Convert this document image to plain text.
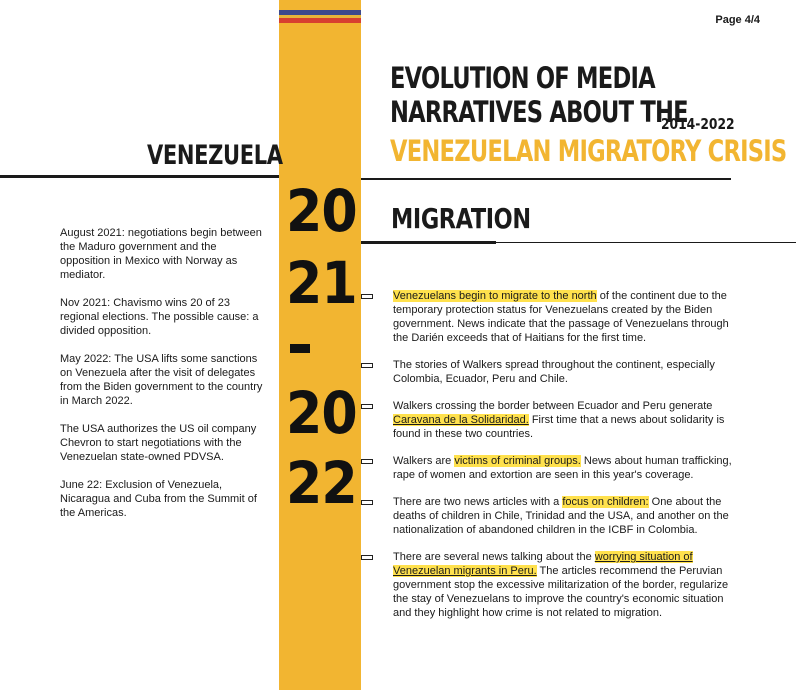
Page 4/4
EVOLUTION OF MEDIA
NARRATIVES ABOUT THE
2014-2022
VENEZUELAN MIGRATORY CRISIS
VENEZUELA
20
21
20
22
MIGRATION

August 2021: negotiations begin between the Maduro government and the opposition in Mexico with Norway as mediator.

Nov 2021: Chavismo wins 20 of 23 regional elections. The possible cause: a divided opposition.

May 2022: The USA lifts some sanctions on Venezuela after the visit of delegates from the Biden government to the country in March 2022.

The USA authorizes the US oil company Chevron to start negotiations with the Venezuelan state-owned PDVSA.

June 22: Exclusion of Venezuela, Nicaragua and Cuba from the Summit of the Americas.

Venezuelans begin to migrate to the north of the continent due to the temporary protection status for Venezuelans created by the Biden government. News indicate that the passage of Venezuelans through the Darién exceeds that of Haitians for the first time.
The stories of Walkers spread throughout the continent, especially Colombia, Ecuador, Peru and Chile.
Walkers crossing the border between Ecuador and Peru generate Caravana de la Solidaridad. First time that a news about solidarity is found in these two countries.
Walkers are victims of criminal groups. News about human trafficking, rape of women and extortion are seen in this year's coverage.
There are two news articles with a focus on children: One about the deaths of children in Chile, Trinidad and the USA, and another on the nationalization of abandoned children in the ICBF in Colombia.
There are several news talking about the worrying situation of Venezuelan migrants in Peru. The articles recommend the Peruvian government stop the excessive militarization of the border, regularize the stay of Venezuelans to improve the country's economic situation and they highlight how crime is not related to migration.
